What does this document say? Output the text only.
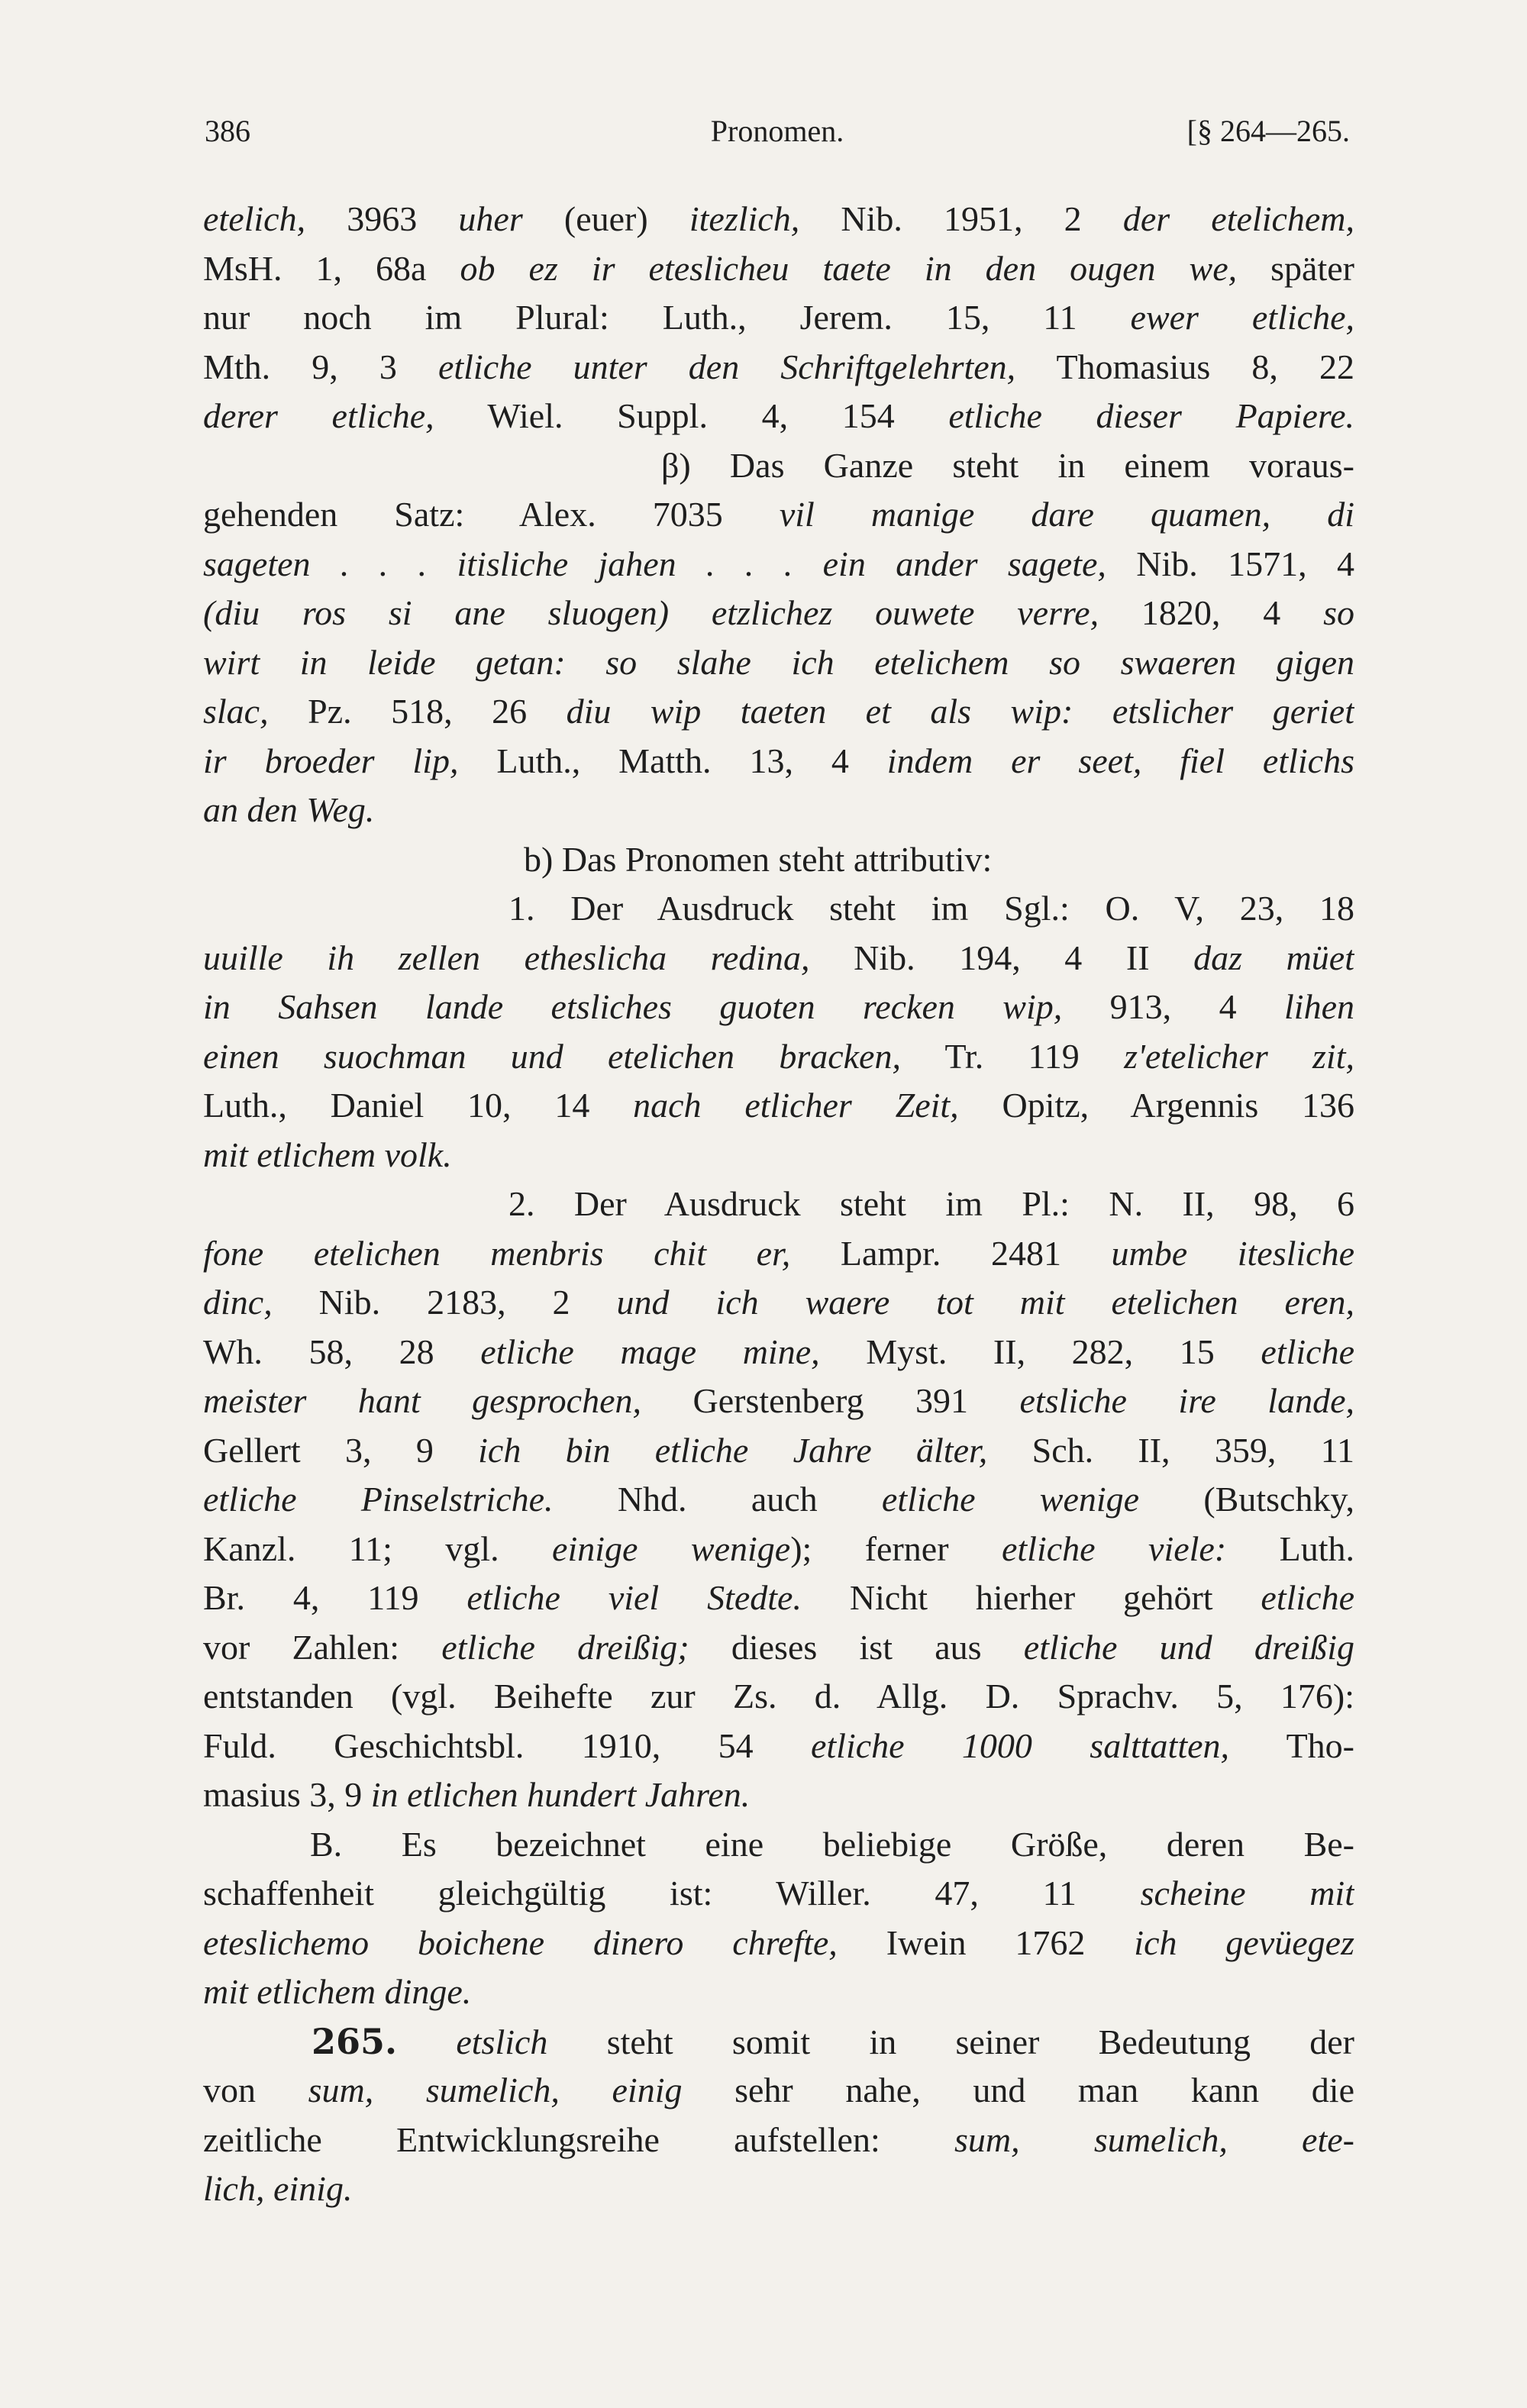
386	Pronomen.	[§ 264—265.
etelich, 3963 uher (euer) itezlich, Nib. 1951, 2 der etelichem,
MsH. 1, 68a ob ez ir eteslicheu taete in den ougen we, später
nur noch im Plural: Luth., Jerem. 15, 11 ewer etliche,
Mth. 9, 3 etliche unter den Schriftgelehrten, Thomasius 8, 22
derer etliche, Wiel. Suppl. 4, 154 etliche dieser Papiere.
β) Das Ganze steht in einem voraus-
gehenden Satz: Alex. 7035 vil manige dare quamen, di
sageten . . . itisliche jahen . . . ein ander sagete, Nib. 1571, 4
(diu ros si ane sluogen) etzlichez ouwete verre, 1820, 4 so
wirt in leide getan: so slahe ich etelichem so swaeren gigen
slac, Pz. 518, 26 diu wip taeten et als wip: etslicher geriet
ir broeder lip, Luth., Matth. 13, 4 indem er seet, fiel etlichs
an den Weg.
b) Das Pronomen steht attributiv:
1. Der Ausdruck steht im Sgl.: O. V, 23, 18
uuille ih zellen etheslicha redina, Nib. 194, 4 II daz müet
in Sahsen lande etsliches guoten recken wip, 913, 4 lihen
einen suochman und etelichen bracken, Tr. 119 z'etelicher zit,
Luth., Daniel 10, 14 nach etlicher Zeit, Opitz, Argennis 136
mit etlichem volk.
2. Der Ausdruck steht im Pl.: N. II, 98, 6
fone etelichen menbris chit er, Lampr. 2481 umbe itesliche
dinc, Nib. 2183, 2 und ich waere tot mit etelichen eren,
Wh. 58, 28 etliche mage mine, Myst. II, 282, 15 etliche
meister hant gesprochen, Gerstenberg 391 etsliche ire lande,
Gellert 3, 9 ich bin etliche Jahre älter, Sch. II, 359, 11
etliche Pinselstriche. Nhd. auch etliche wenige (Butschky,
Kanzl. 11; vgl. einige wenige); ferner etliche viele: Luth.
Br. 4, 119 etliche viel Stedte. Nicht hierher gehört etliche
vor Zahlen: etliche dreißig; dieses ist aus etliche und dreißig
entstanden (vgl. Beihefte zur Zs. d. Allg. D. Sprachv. 5, 176):
Fuld. Geschichtsbl. 1910, 54 etliche 1000 salttatten, Tho-
masius 3, 9 in etlichen hundert Jahren.
B. Es bezeichnet eine beliebige Größe, deren Be-
schaffenheit gleichgültig ist: Willer. 47, 11 scheine mit
eteslichemo boichene dinero chrefte, Iwein 1762 ich gevüegez
mit etlichem dinge.
265. etslich steht somit in seiner Bedeutung der
von sum, sumelich, einig sehr nahe, und man kann die
zeitliche Entwicklungsreihe aufstellen: sum, sumelich, ete-
lich, einig.
